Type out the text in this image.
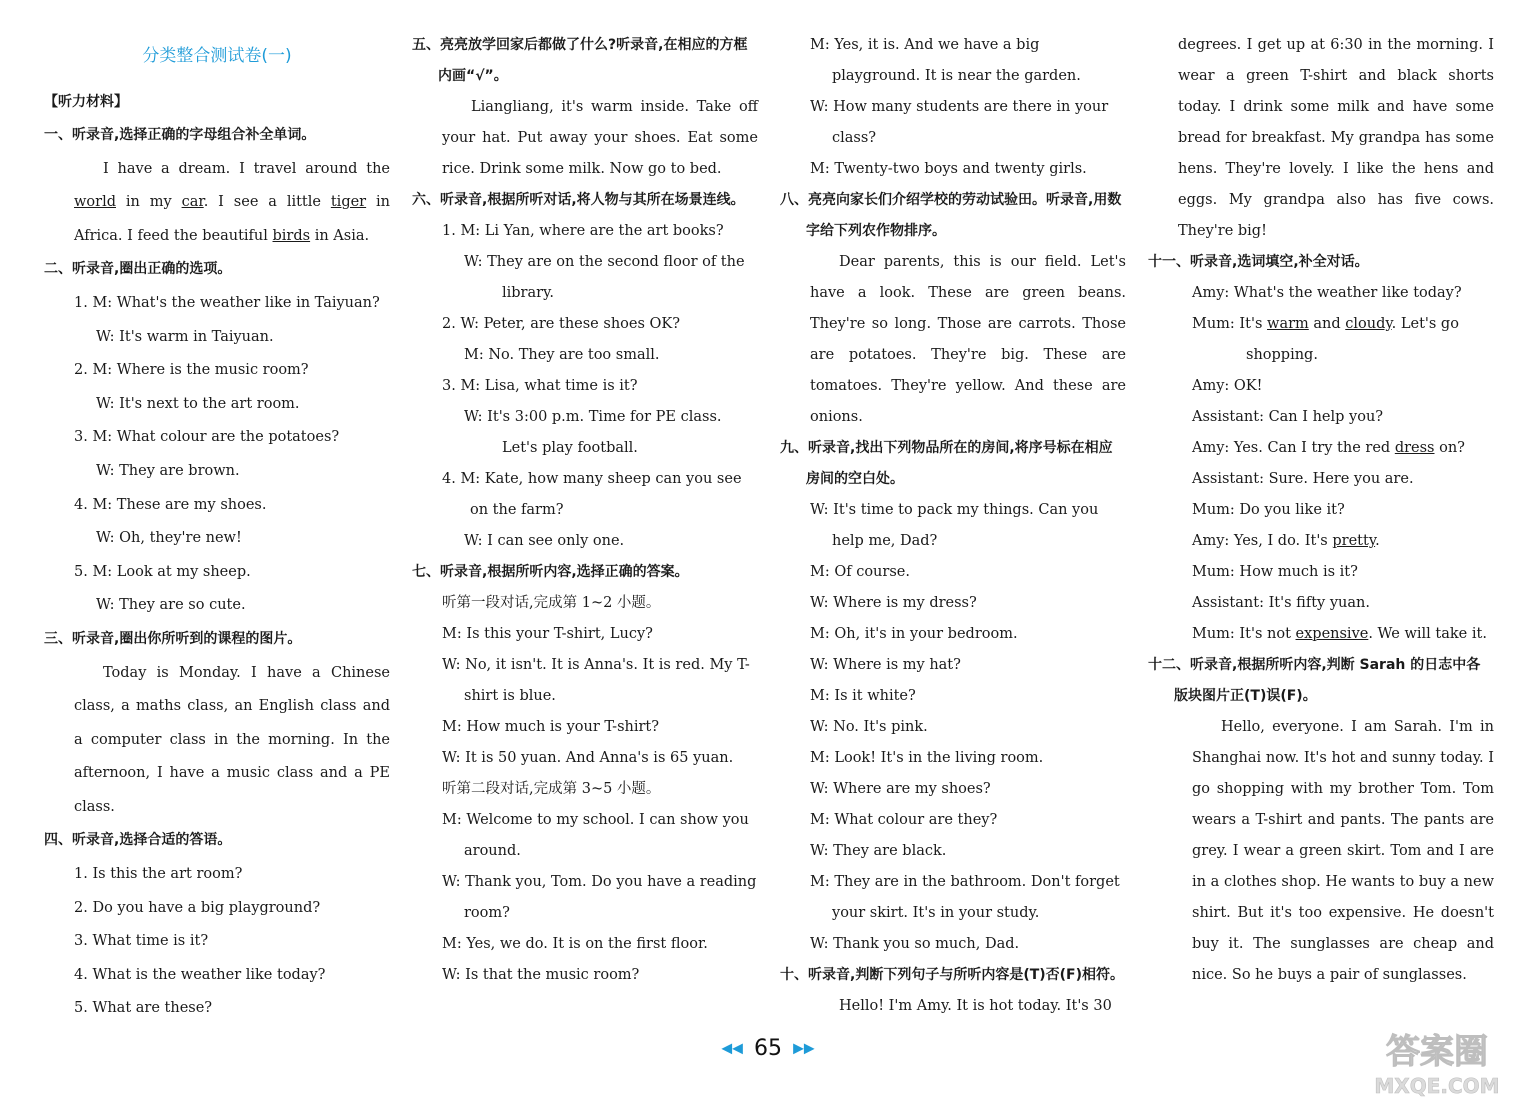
分类整合测试卷(一)
【听力材料】
一、听录音,选择正确的字母组合补全单词。
I have a dream. I travel around the world in my car. I see a little tiger in Africa. I feed the beautiful birds in Asia.
二、听录音,圈出正确的选项。
1. M: What's the weather like in Taiyuan?
W: It's warm in Taiyuan.
2. M: Where is the music room?
W: It's next to the art room.
3. M: What colour are the potatoes?
W: They are brown.
4. M: These are my shoes.
W: Oh, they're new!
5. M: Look at my sheep.
W: They are so cute.
三、听录音,圈出你所听到的课程的图片。
Today is Monday. I have a Chinese class, a maths class, an English class and a computer class in the morning. In the afternoon, I have a music class and a PE class.
四、听录音,选择合适的答语。
1. Is this the art room?
2. Do you have a big playground?
3. What time is it?
4. What is the weather like today?
5. What are these?
五、亮亮放学回家后都做了什么?听录音,在相应的方框内画“√”。
Liangliang, it's warm inside. Take off your hat. Put away your shoes. Eat some rice. Drink some milk. Now go to bed.
六、听录音,根据所听对话,将人物与其所在场景连线。
1. M: Li Yan, where are the art books?
W: They are on the second floor of the library.
2. W: Peter, are these shoes OK?
M: No. They are too small.
3. M: Lisa, what time is it?
W: It's 3:00 p.m. Time for PE class. Let's play football.
4. M: Kate, how many sheep can you see on the farm?
W: I can see only one.
七、听录音,根据所听内容,选择正确的答案。
听第一段对话,完成第 1~2 小题。
M: Is this your T-shirt, Lucy?
W: No, it isn't. It is Anna's. It is red. My T-shirt is blue.
M: How much is your T-shirt?
W: It is 50 yuan. And Anna's is 65 yuan.
听第二段对话,完成第 3~5 小题。
M: Welcome to my school. I can show you around.
W: Thank you, Tom. Do you have a reading room?
M: Yes, we do. It is on the first floor.
W: Is that the music room?
M: Yes, it is. And we have a big playground. It is near the garden.
W: How many students are there in your class?
M: Twenty-two boys and twenty girls.
八、亮亮向家长们介绍学校的劳动试验田。听录音,用数字给下列农作物排序。
Dear parents, this is our field. Let's have a look. These are green beans. They're so long. Those are carrots. Those are potatoes. They're big. These are tomatoes. They're yellow. And these are onions.
九、听录音,找出下列物品所在的房间,将序号标在相应房间的空白处。
W: It's time to pack my things. Can you help me, Dad?
M: Of course.
W: Where is my dress?
M: Oh, it's in your bedroom.
W: Where is my hat?
M: Is it white?
W: No. It's pink.
M: Look! It's in the living room.
W: Where are my shoes?
M: What colour are they?
W: They are black.
M: They are in the bathroom. Don't forget your skirt. It's in your study.
W: Thank you so much, Dad.
十、听录音,判断下列句子与所听内容是(T)否(F)相符。
Hello! I'm Amy. It is hot today. It's 30
degrees. I get up at 6:30 in the morning. I wear a green T-shirt and black shorts today. I drink some milk and have some bread for breakfast. My grandpa has some hens. They're lovely. I like the hens and eggs. My grandpa also has five cows. They're big!
十一、听录音,选词填空,补全对话。
Amy: What's the weather like today?
Mum: It's warm and cloudy. Let's go shopping.
Amy: OK!
Assistant: Can I help you?
Amy: Yes. Can I try the red dress on?
Assistant: Sure. Here you are.
Mum: Do you like it?
Amy: Yes, I do. It's pretty.
Mum: How much is it?
Assistant: It's fifty yuan.
Mum: It's not expensive. We will take it.
十二、听录音,根据所听内容,判断 Sarah 的日志中各版块图片正(T)误(F)。
Hello, everyone. I am Sarah. I'm in Shanghai now. It's hot and sunny today. I go shopping with my brother Tom. Tom wears a T-shirt and pants. The pants are grey. I wear a green skirt. Tom and I are in a clothes shop. He wants to buy a new shirt. But it's too expensive. He doesn't buy it. The sunglasses are cheap and nice. So he buys a pair of sunglasses.
◀◀ 65 ▶▶	答案圈
MXQE.COM
